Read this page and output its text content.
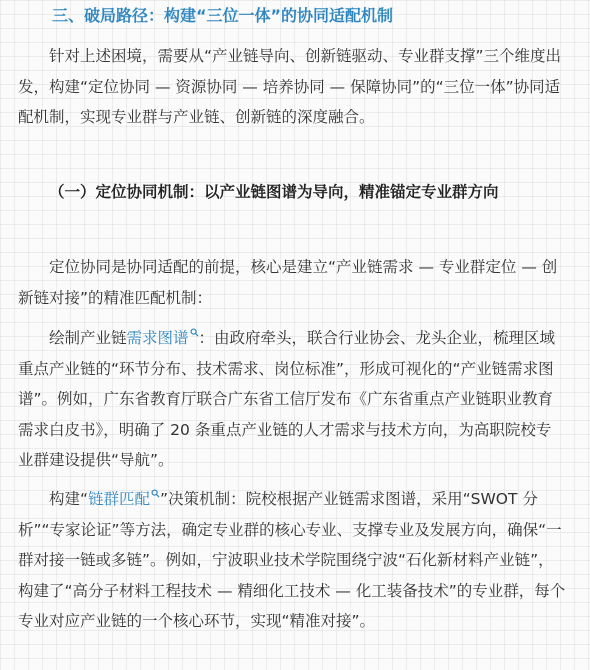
三、破局路径：构建“三位一体”的协同适配机制

针对上述困境，需要从“产业链导向、创新链驱动、专业群支撑”三个维度出发，构建“定位协同 — 资源协同 — 培养协同 — 保障协同”的“三位一体”协同适配机制，实现专业群与产业链、创新链的深度融合。

（一）定位协同机制：以产业链图谱为导向，精准锚定专业群方向

定位协同是协同适配的前提，核心是建立“产业链需求 — 专业群定位 — 创新链对接”的精准匹配机制：

绘制产业链需求图谱 ：由政府牵头，联合行业协会、龙头企业，梳理区域重点产业链的“环节分布、技术需求、岗位标准”，形成可视化的“产业链需求图谱”。例如，广东省教育厅联合广东省工信厅发布《广东省重点产业链职业教育需求白皮书》，明确了 20 条重点产业链的人才需求与技术方向，为高职院校专业群建设提供“导航”。

构建“链群匹配 ”决策机制：院校根据产业链需求图谱，采用“SWOT 分析”“专家论证”等方法，确定专业群的核心专业、支撑专业及发展方向，确保“一群对接一链或多链”。例如，宁波职业技术学院围绕宁波“石化新材料产业链”，构建了“高分子材料工程技术 — 精细化工技术 — 化工装备技术”的专业群，每个专业对应产业链的一个核心环节，实现“精准对接”。
